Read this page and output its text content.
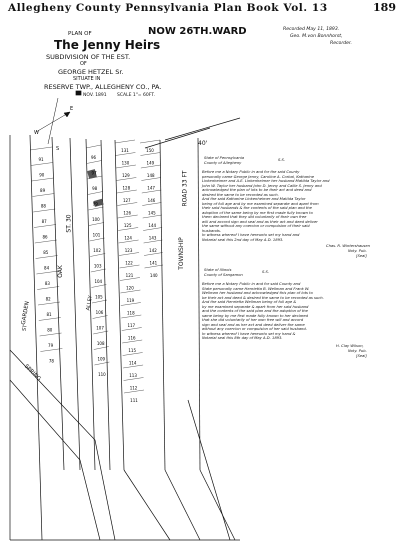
Allegheny County Pennsylvania Plan Book Vol. 13	189
NOW 26TH.WARD	Recorded May 11, 1893.
Geo. M.von Bonnhorst,
Recorder.
PLAN OF
The Jenny Heirs
SUBDIVISION OF THE EST.
OF
GEORGE HETZEL Sr.
SITUATE IN
RESERVE TWP., ALLEGHENY CO., PA.
NOV. 1891 SCALE 1"= 60FT.
91
90
89
88
87
86
85
84
83
82
81
80
79
78
96
97
98
99
100
101
102
103
104
105
106
107
108
109
110
131
130
129
128
127
126
125
124
123
122
121
120
119
118
117
116
115
114
113
112
111
150
149
148
147
146
145
144
143
142
141
140
W
E
S
40'
ST. 30
OAK
ALLEY
ROAD 33 FT
TOWNSHIP
GARDEN
SPRING
ST
State of Pennsylvania
County of Allegheny
S.S.
Before me a Notary Public in and for the said County
personally came George Jenny, Caroline A. Corbal, Katharine
Linkenheimer and A.E. Linkenheimer her husband Matilda Taylor and
John W. Taylor her husband John D. Jenny and Callie S. Jenny and
acknowledged the plan of lots to be their act and deed and
desired the same to be recorded as such.
And the said Katharine Linkenheimer and Matilda Taylor
being of full age and by me examined separate and apart from
their said husbands & the contents of the said plan and the
adoption of the same being by me first made fully known to
them declared that they did voluntarily of their own free
will and accord sign and seal and as their act and deed deliver
the same without any coercion or compulsion of their said
husbands.
In witness whereof I have hereunto set my hand and
Notarial seal this 2nd day of May A.D. 1893.
Chas. R. Wintershausen
Noty. Pub.
[Seal]
State of Illinois
County of Sangamon
S.S.
Before me a Notary Public in and for said County and
State personally came Henrietta B. Wellman and Frank W.
Wellman her husband and acknowledged this plan of lots to
be their act and deed & desired the same to be recorded as such.
And the said Henrietta Wellman being of full age &
by me examined separate & apart from her said husband
and the contents of the said plan and the adoption of the
same being by me first made fully known to her declared
that she did voluntarily of her own free will and accord
sign and seal and as her act and deed deliver the same
without any coercion or compulsion of her said husband.
In witness whereof I have hereunto set my hand &
Notarial seal this 8th day of May A.D. 1893.
H. Clay Wilson,
Noty. Pub.
[Seal]
